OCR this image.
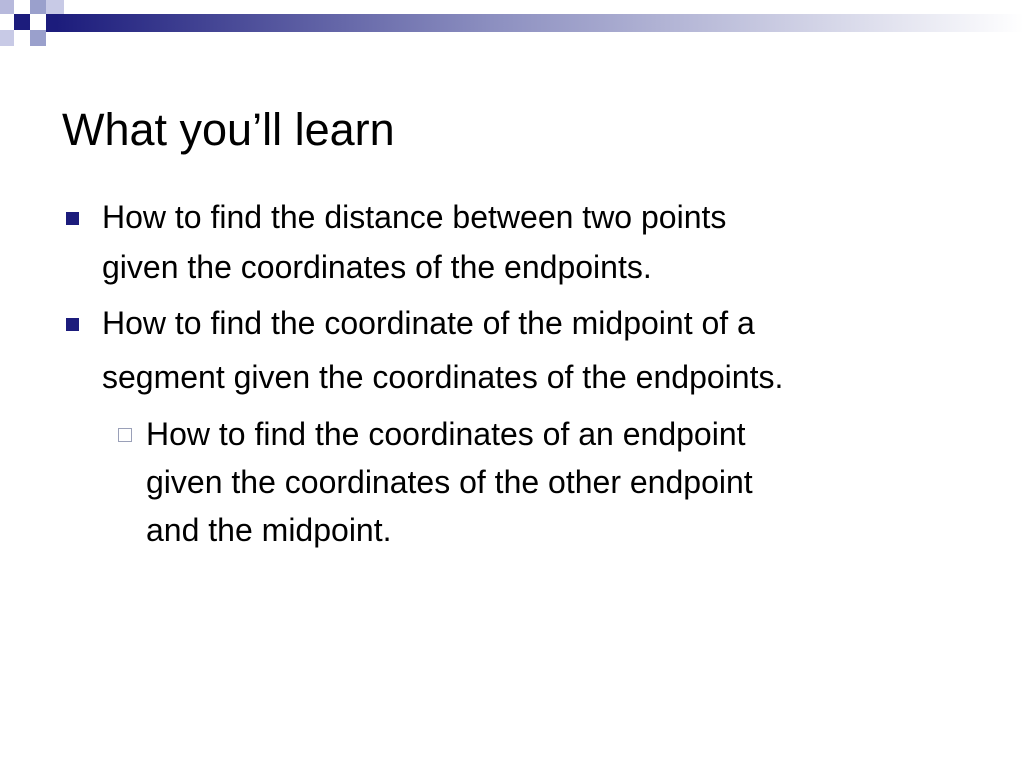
What you’ll learn
How to find the distance between two points
given the coordinates of the endpoints.
How to find the coordinate of the midpoint of a
segment given the coordinates of the endpoints.
How to find the coordinates of an endpoint
given the coordinates of the other endpoint
and the midpoint.
